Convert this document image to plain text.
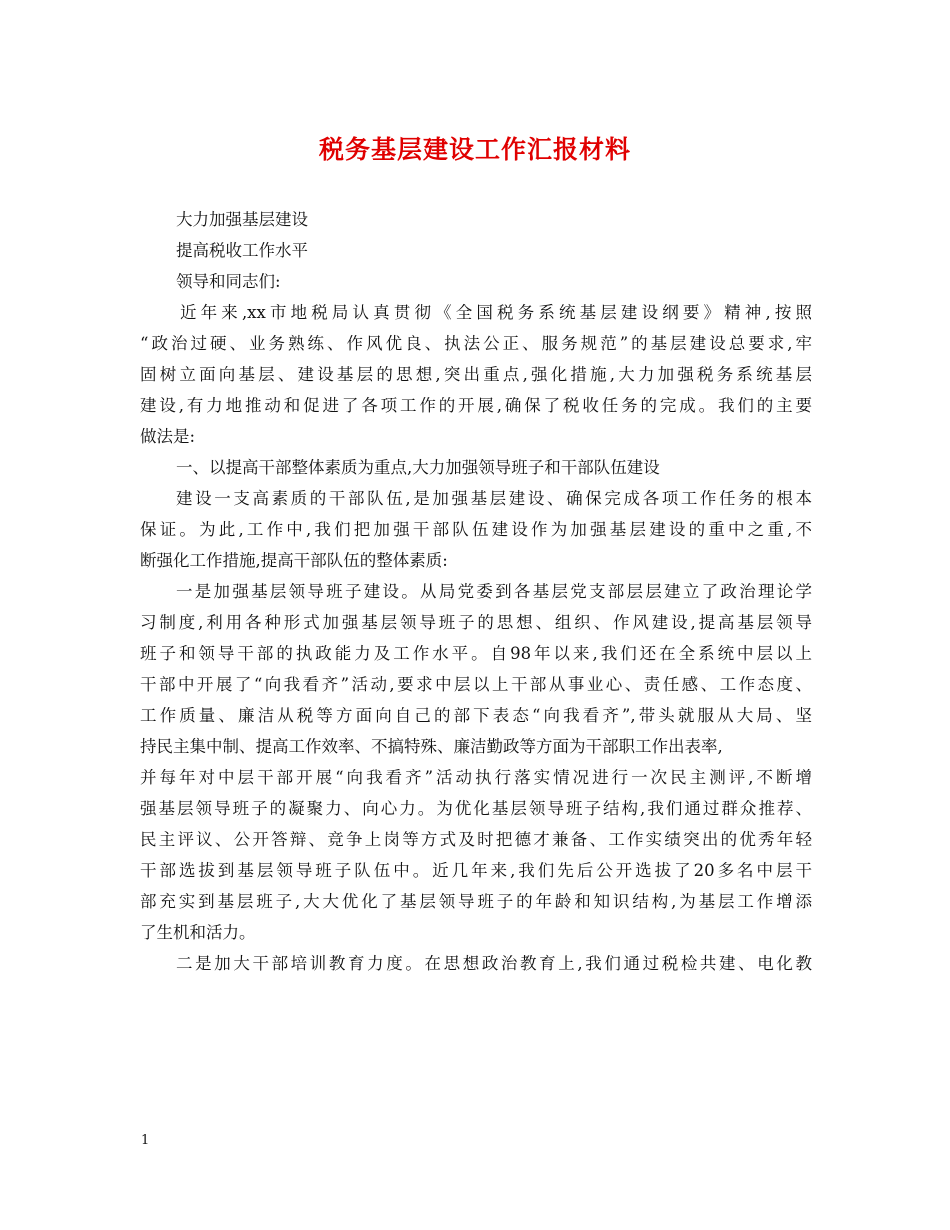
税务基层建设工作汇报材料
大力加强基层建设
提高税收工作水平
领导和同志们:
近年来,xx市地税局认真贯彻《全国税务系统基层建设纲要》精神,按照
“政治过硬、业务熟练、作风优良、执法公正、服务规范”的基层建设总要求,牢
固树立面向基层、建设基层的思想,突出重点,强化措施,大力加强税务系统基层
建设,有力地推动和促进了各项工作的开展,确保了税收任务的完成。我们的主要
做法是:
一、以提高干部整体素质为重点,大力加强领导班子和干部队伍建设
建设一支高素质的干部队伍,是加强基层建设、确保完成各项工作任务的根本
保证。为此,工作中,我们把加强干部队伍建设作为加强基层建设的重中之重,不
断强化工作措施,提高干部队伍的整体素质:
一是加强基层领导班子建设。从局党委到各基层党支部层层建立了政治理论学
习制度,利用各种形式加强基层领导班子的思想、组织、作风建设,提高基层领导
班子和领导干部的执政能力及工作水平。自98年以来,我们还在全系统中层以上
干部中开展了“向我看齐”活动,要求中层以上干部从事业心、责任感、工作态度、
工作质量、廉洁从税等方面向自己的部下表态“向我看齐”,带头就服从大局、坚
持民主集中制、提高工作效率、不搞特殊、廉洁勤政等方面为干部职工作出表率,
并每年对中层干部开展“向我看齐”活动执行落实情况进行一次民主测评,不断增
强基层领导班子的凝聚力、向心力。为优化基层领导班子结构,我们通过群众推荐、
民主评议、公开答辩、竞争上岗等方式及时把德才兼备、工作实绩突出的优秀年轻
干部选拔到基层领导班子队伍中。近几年来,我们先后公开选拔了20多名中层干
部充实到基层班子,大大优化了基层领导班子的年龄和知识结构,为基层工作增添
了生机和活力。
二是加大干部培训教育力度。在思想政治教育上,我们通过税检共建、电化教
1
